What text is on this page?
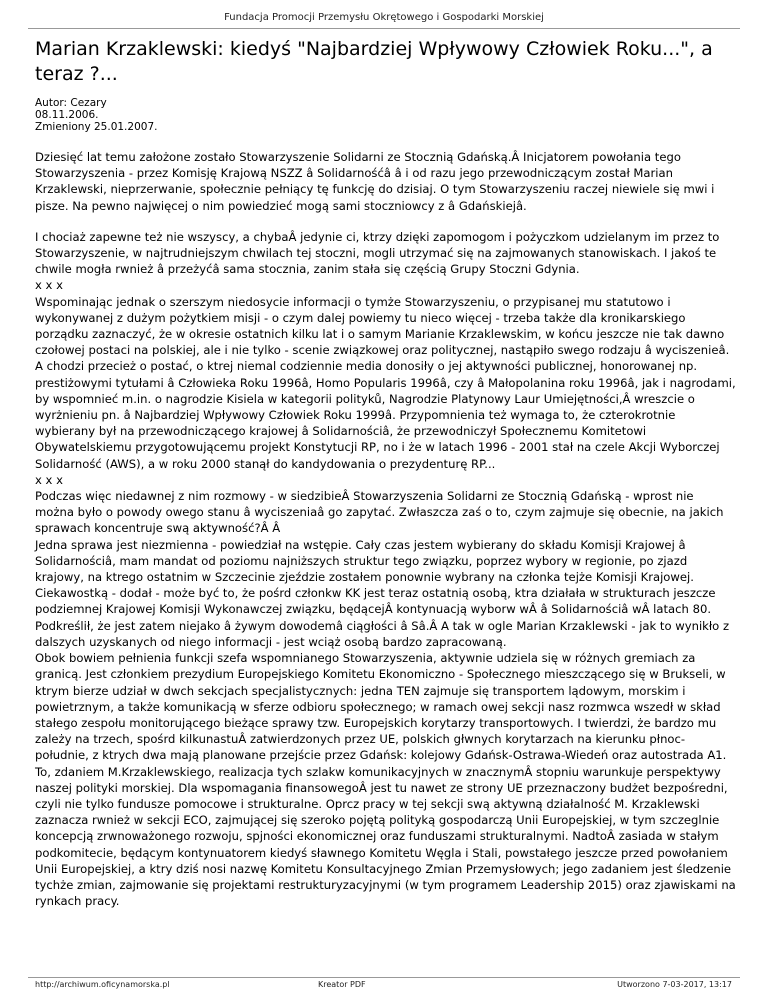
Fundacja Promocji Przemysłu Okrętowego i Gospodarki Morskiej
Marian Krzaklewski: kiedyś "Najbardziej Wpływowy Człowiek Roku...", a teraz ?...
Autor: Cezary
08.11.2006.
Zmieniony 25.01.2007.

Dziesięć lat temu założone zostało Stowarzyszenie Solidarni ze Stocznią Gdańską.Â Inicjatorem powołania tego Stowarzyszenia - przez Komisję Krajową NSZZ â Solidarnośćâ â i od razu jego przewodniczącym został Marian Krzaklewski, nieprzerwanie, społecznie pełniący tę funkcję do dzisiaj. O tym Stowarzyszeniu raczej niewiele się mwi i pisze. Na pewno najwięcej o nim powiedzieć mogą sami stoczniowcy z â Gdańskiejâ.

I chociaż zapewne też nie wszyscy, a chybaÂ jedynie ci, ktrzy dzięki zapomogom i pożyczkom udzielanym im przez to Stowarzyszenie, w najtrudniejszym chwilach tej stoczni, mogli utrzymać się na zajmowanych stanowiskach. I jakoś te chwile mogła rwnież â przeżyćâ sama stocznia, zanim stała się częścią Grupy Stoczni Gdynia.

x x x

Wspominając jednak o szerszym niedosycie informacji o tymże Stowarzyszeniu, o przypisanej mu statutowo i wykonywanej z dużym pożytkiem misji - o czym dalej powiemy tu nieco więcej - trzeba także dla kronikarskiego porządku zaznaczyć, że w okresie ostatnich kilku lat i o samym Marianie Krzaklewskim, w końcu jeszcze nie tak dawno czołowej postaci na polskiej, ale i nie tylko - scenie związkowej oraz politycznej, nastąpiło swego rodzaju â wyciszenieâ.

A chodzi przecież o postać, o ktrej niemal codziennie media donosiły o jej aktywności publicznej, honorowanej np. prestiżowymi tytułami â Człowieka Roku 1996â, Homo Popularis 1996â, czy â Małopolanina roku 1996â, jak i nagrodami, by wspomnieć m.in. o nagrodzie Kisiela w kategorii polityků, Nagrodzie Platynowy Laur Umiejętności,Â wreszcie o wyrżnieniu pn. â Najbardziej Wpływowy Człowiek Roku 1999â. Przypomnienia też wymaga to, że czterokrotnie wybierany był na przewodniczącego krajowej â Solidarnościâ, że przewodniczył Społecznemu Komitetowi Obywatelskiemu przygotowującemu projekt Konstytucji RP, no i że w latach 1996 - 2001 stał na czele Akcji Wyborczej Solidarność (AWS), a w roku 2000 stanął do kandydowania o prezydenturę RP...

x x x

Podczas więc niedawnej z nim rozmowy - w siedzibieÂ Stowarzyszenia Solidarni ze Stocznią Gdańską - wprost nie można było o powody owego stanu â wyciszeniaâ go zapytać. Zwłaszcza zaś o to, czym zajmuje się obecnie, na jakich sprawach koncentruje swą aktywność?Â Â

Jedna sprawa jest niezmienna - powiedział na wstępie. Cały czas jestem wybierany do składu Komisji Krajowej â Solidarnościâ, mam mandat od poziomu najniższych struktur tego związku, poprzez wybory w regionie, po zjazd krajowy, na ktrego ostatnim w Szczecinie zjeździe zostałem ponownie wybrany na członka tejże Komisji Krajowej. Ciekawostką - dodał - może być to, że pośrd członkw KK jest teraz ostatnią osobą, ktra działała w strukturach jeszcze podziemnej Krajowej Komisji Wykonawczej związku, będącejÂ kontynuacją wyborw wÂ â Solidarnościâ wÂ latach 80. Podkreślił, że jest zatem niejako â żywym dowodemâ ciągłości â Sâ.Â A tak w ogle Marian Krzaklewski - jak to wynikło z dalszych uzyskanych od niego informacji - jest wciąż osobą bardzo zapracowaną.

Obok bowiem pełnienia funkcji szefa wspomnianego Stowarzyszenia, aktywnie udziela się w różnych gremiach za granicą. Jest członkiem prezydium Europejskiego Komitetu Ekonomiczno - Społecznego mieszczącego się w Brukseli, w ktrym bierze udział w dwch sekcjach specjalistycznych: jedna TEN zajmuje się transportem lądowym, morskim i powietrznym, a także komunikacją w sferze odbioru społecznego; w ramach owej sekcji nasz rozmwca wszedł w skład stałego zespołu monitorującego bieżące sprawy tzw. Europejskich korytarzy transportowych. I twierdzi, że bardzo mu zależy na trzech, spośrd kilkunastuÂ zatwierdzonych przez UE, polskich głwnych korytarzach na kierunku płnoc-południe, z ktrych dwa mają planowane przejście przez Gdańsk: kolejowy Gdańsk-Ostrawa-Wiedeń oraz autostrada A1.

To, zdaniem M.Krzaklewskiego, realizacja tych szlakw komunikacyjnych w znacznymÂ stopniu warunkuje perspektywy naszej polityki morskiej. Dla wspomagania finansowegoÂ jest tu nawet ze strony UE przeznaczony budżet bezpośredni, czyli nie tylko fundusze pomocowe i strukturalne. Oprcz pracy w tej sekcji swą aktywną działalność M. Krzaklewski zaznacza rwnież w sekcji ECO, zajmującej się szeroko pojętą polityką gospodarczą Unii Europejskiej, w tym szczeglnie koncepcją zrwnoważonego rozwoju, spjności ekonomicznej oraz funduszami strukturalnymi. NadtoÂ zasiada w stałym podkomitecie, będącym kontynuatorem kiedyś sławnego Komitetu Węgla i Stali, powstałego jeszcze przed powołaniem Unii Europejskiej, a ktry dziś nosi nazwę Komitetu Konsultacyjnego Zmian Przemysłowych; jego zadaniem jest śledzenie tychże zmian, zajmowanie się projektami restrukturyzacyjnymi (w tym programem Leadership 2015) oraz zjawiskami na rynkach pracy.

http://archiwum.oficynamorska.pl	Kreator PDF	Utworzono 7-03-2017, 13:17
